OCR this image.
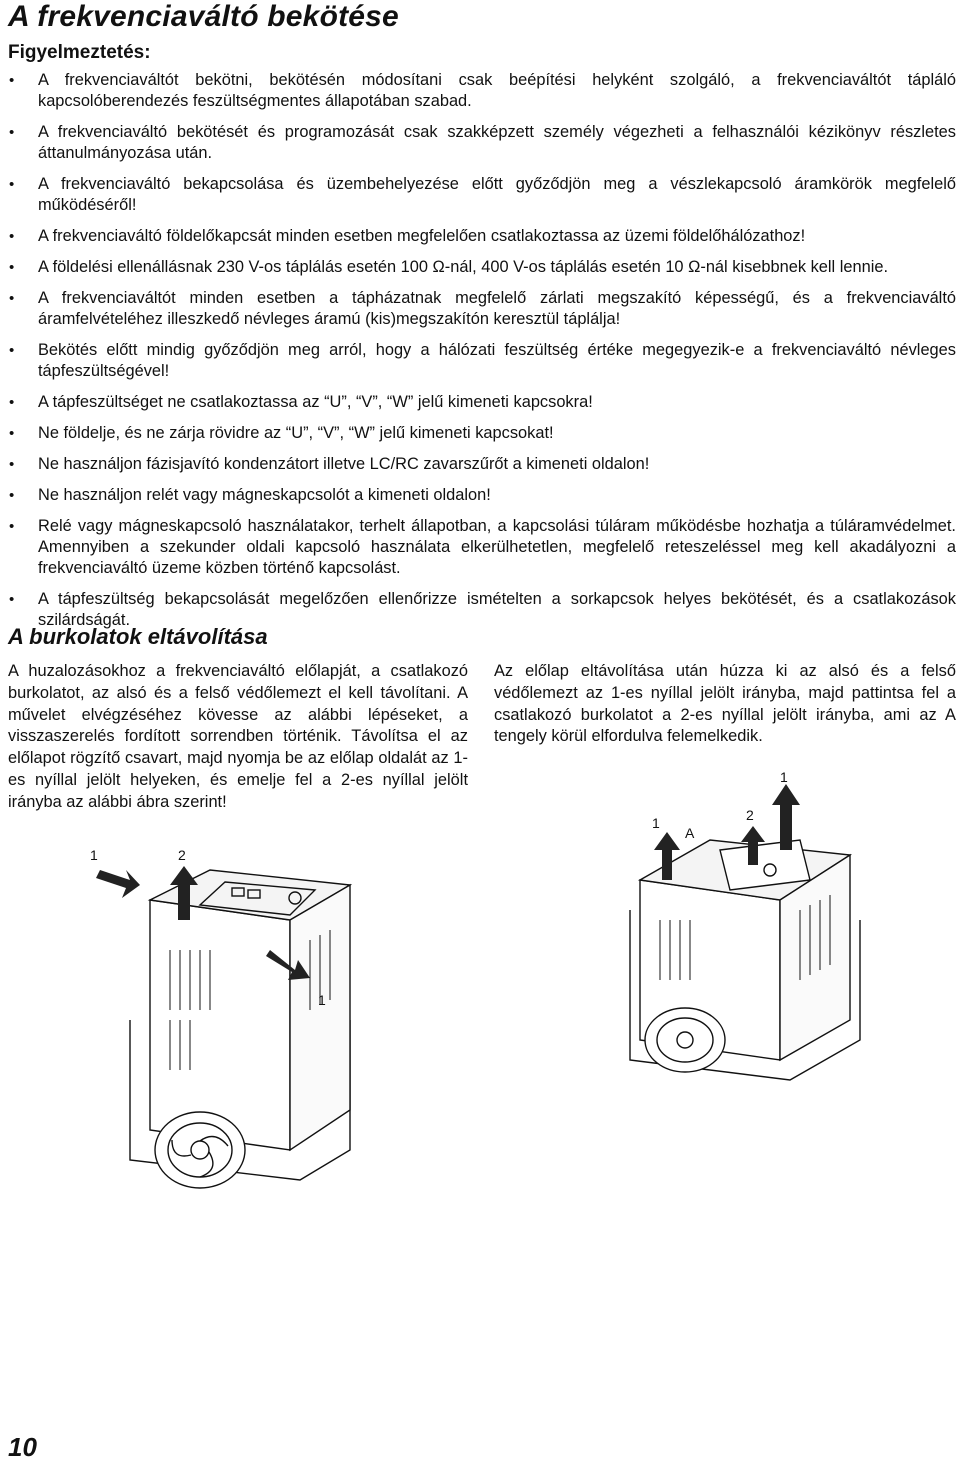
A frekvenciaváltó bekötése
Figyelmeztetés:
• A frekvenciaváltót bekötni, bekötésén módosítani csak beépítési helyként szolgáló, a frekvenciaváltót tápláló kapcsolóberendezés feszültségmentes állapotában szabad.
• A frekvenciaváltó bekötését és programozását csak szakképzett személy végezheti a felhasználói kézikönyv részletes áttanulmányozása után.
• A frekvenciaváltó bekapcsolása és üzembehelyezése előtt győződjön meg a vészlekapcsoló áramkörök megfelelő működéséről!
• A frekvenciaváltó földelőkapcsát minden esetben megfelelően csatlakoztassa az üzemi földelőhálózathoz!
• A földelési ellenállásnak 230 V-os táplálás esetén 100 Ω-nál, 400 V-os táplálás esetén 10 Ω-nál kisebbnek kell lennie.
• A frekvenciaváltót minden esetben a tápházatnak megfelelő zárlati megszakító képességű, és a frekvenciaváltó áramfelvételéhez illeszkedő névleges áramú (kis)megszakítón keresztül táplálja!
• Bekötés előtt mindig győződjön meg arról, hogy a hálózati feszültség értéke megegyezik-e a frekvenciaváltó névleges tápfeszültségével!
• A tápfeszültséget ne csatlakoztassa az “U”, “V”, “W” jelű kimeneti kapcsokra!
• Ne földelje, és ne zárja rövidre az “U”, “V”, “W” jelű kimeneti kapcsokat!
• Ne használjon fázisjavító kondenzátort illetve LC/RC zavarszűrőt a kimeneti oldalon!
• Ne használjon relét vagy mágneskapcsolót a kimeneti oldalon!
• Relé vagy mágneskapcsoló használatakor, terhelt állapotban, a kapcsolási túláram működésbe hozhatja a túláramvédelmet. Amennyiben a szekunder oldali kapcsoló használata elkerülhetetlen, megfelelő reteszeléssel meg kell akadályozni a frekvenciaváltó üzeme közben történő kapcsolást.
• A tápfeszültség bekapcsolását megelőzően ellenőrizze ismételten a sorkapcsok helyes bekötését, és a csatlakozások szilárdságát.
A burkolatok eltávolítása

A huzalozásokhoz a frekvenciaváltó előlapját, a csatlakozó burkolatot, az alsó és a felső védőlemezt el kell távolítani. A művelet elvégzéséhez kövesse az alábbi lépéseket, a visszaszerelés fordított sorrendben történik. Távolítsa el az előlapot rögzítő csavart, majd nyomja be az előlap oldalát az 1-es nyíllal jelölt helyeken, és emelje fel a 2-es nyíllal jelölt irányba az alábbi ábra szerint!

Az előlap eltávolítása után húzza ki az alsó és a felső védőlemezt az 1-es nyíllal jelölt irányba, majd pattintsa fel a csatlakozó burkolatot a 2-es nyíllal jelölt irányba, ami az A tengely körül elfordulva felemelkedik.

1	2
1
1
A
2
1
10
